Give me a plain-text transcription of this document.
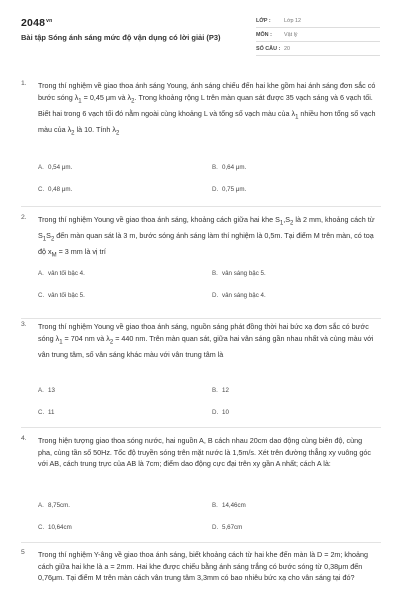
$2048^{vn}$
Bài tập Sóng ánh sáng mức độ vận dụng có lời giải (P3)
LỚP : Lớp 12
MÔN : Vật lý
SỐ CÂU : 20
1. Trong thí nghiệm về giao thoa ánh sáng Young, ánh sáng chiếu đến hai khe gồm hai ánh sáng đơn sắc có bước sóng $\lambda_1 = 0,45$ μm và $\lambda_2$. Trong khoảng rộng L trên màn quan sát được 35 vạch sáng và 6 vạch tối. Biết hai trong 6 vạch tối đó nằm ngoài cùng khoảng L và tổng số vạch màu của $\lambda_1$ nhiều hơn tổng số vạch màu của $\lambda_2$ là 10. Tính $\lambda_2$

A. 0,54 μm.	B. 0,64 μm.
C. 0,48 μm.	D. 0,75 μm.
2. Trong thí nghiệm Young về giao thoa ánh sáng, khoảng cách giữa hai khe $S_1,S_2$ là 2 mm, khoảng cách từ $S_1S_2$ đến màn quan sát là 3 m, bước sóng ánh sáng làm thí nghiệm là 0,5m. Tại điểm M trên màn, có toạ độ $x_M = 3$ mm là vị trí

A. vân tối bậc 4.	B. vân sáng bậc 5.
C. vân tối bậc 5.	D. vân sáng bậc 4.
3. Trong thí nghiệm Young về giao thoa ánh sáng, nguồn sáng phát đồng thời hai bức xạ đơn sắc có bước sóng $\lambda_1 = 704$ nm và $\lambda_2 = 440$ nm. Trên màn quan sát, giữa hai vân sáng gần nhau nhất và cùng màu với vân trung tâm, số vân sáng khác màu với vân trung tâm là

A. 13	B. 12
C. 11	D. 10
4. Trong hiện tượng giao thoa sóng nước, hai nguồn A, B cách nhau 20cm dao động cùng biên độ, cùng pha, cùng tần số 50Hz. Tốc độ truyền sóng trên mặt nước là 1,5m/s. Xét trên đường thẳng xy vuông góc với AB, cách trung trực của AB là 7cm; điểm dao động cực đại trên xy gần A nhất; cách A là:

A. 8,75cm.	B. 14,46cm
C. 10,64cm	D. 5,67cm
5 Trong thí nghiệm Y-âng về giao thoa ánh sáng, biết khoảng cách từ hai khe đến màn là D = 2m; khoảng cách giữa hai khe là a = 2mm. Hai khe được chiếu bằng ánh sáng trắng có bước sóng từ 0,38μm đến 0,76μm. Tại điểm M trên màn cách vân trung tâm 3,3mm có bao nhiêu bức xạ cho vân sáng tại đó?
